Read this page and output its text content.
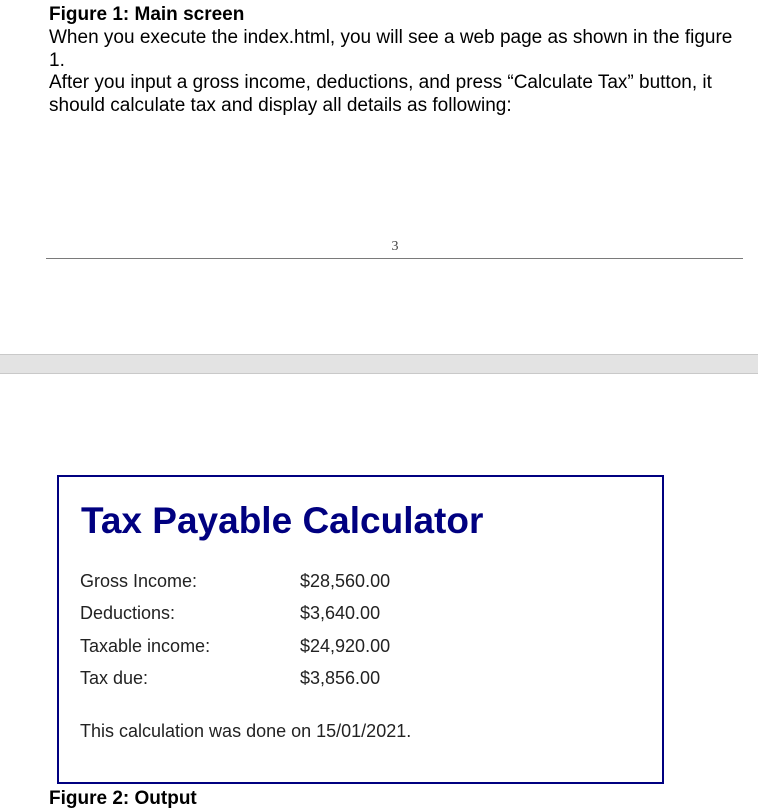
Figure 1: Main screen

When you execute the index.html, you will see a web page as shown in the figure 1.

After you input a gross income, deductions, and press “Calculate Tax” button, it should calculate tax and display all details as following:

3
Tax Payable Calculator
Gross Income:	$28,560.00
Deductions:	$3,640.00
Taxable income:	$24,920.00
Tax due:	$3,856.00
This calculation was done on 15/01/2021.
Figure 2: Output
